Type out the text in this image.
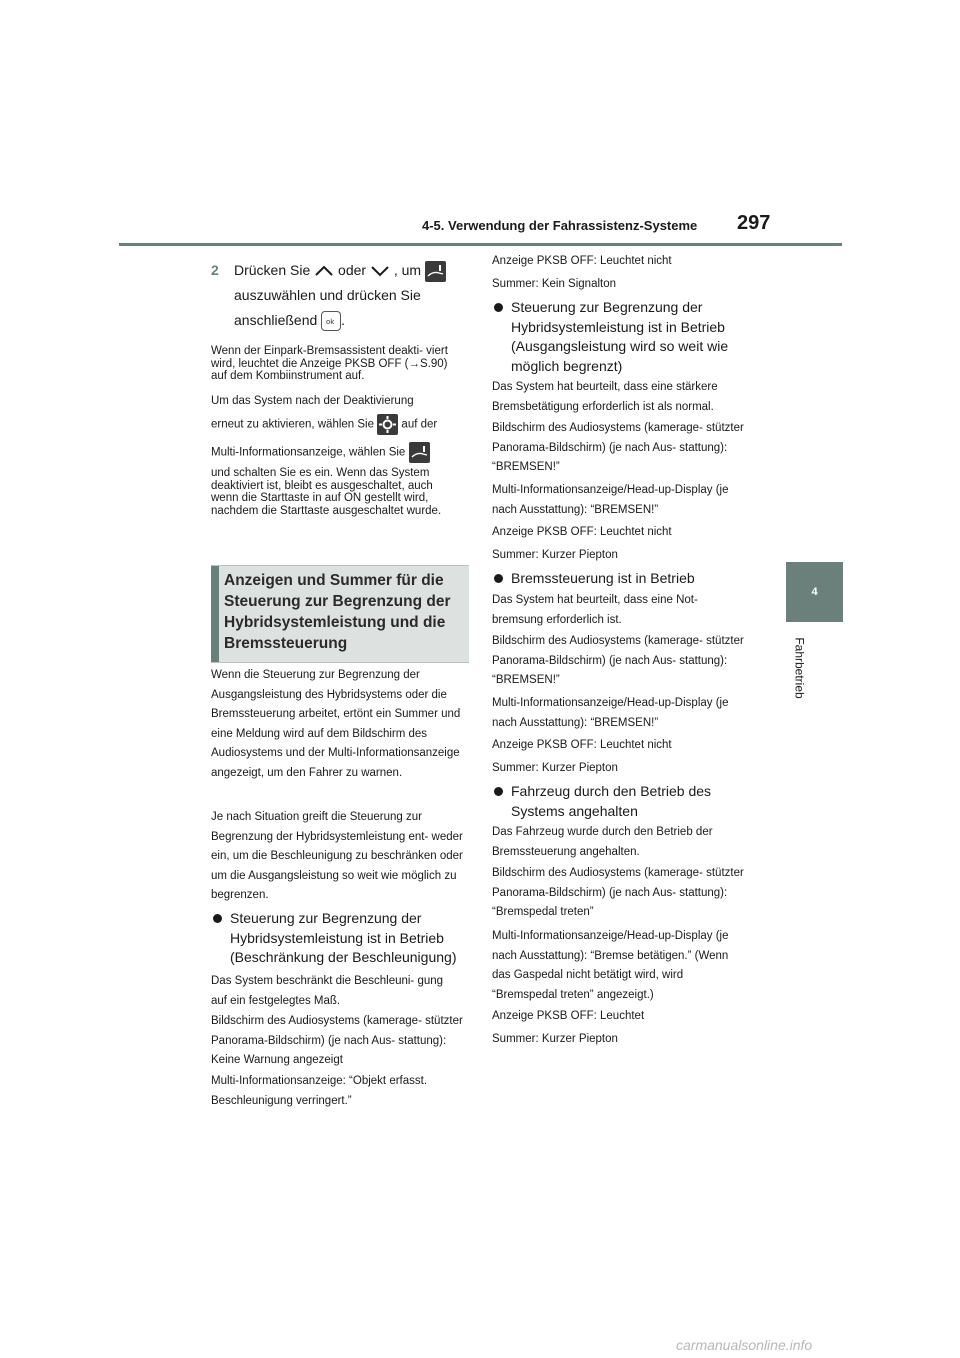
4-5. Verwendung der Fahrassistenz-Systeme 297
4
Fahrbetrieb
2 Drücken Sie oder , um
auszuwählen und drücken Sie
anschließend ok .

Wenn der Einpark-Bremsassistent deakti- viert wird, leuchtet die Anzeige PKSB OFF (→S.90) auf dem Kombiinstrument auf.

Um das System nach der Deaktivierung

erneut zu aktivieren, wählen Sie auf der

Multi-Informationsanzeige, wählen Sie

und schalten Sie es ein. Wenn das System deaktiviert ist, bleibt es ausgeschaltet, auch wenn die Starttaste in auf ON gestellt wird, nachdem die Starttaste ausgeschaltet wurde.

Wenn die Steuerung zur Begrenzung der Ausgangsleistung des Hybridsystems oder die Bremssteuerung arbeitet, ertönt ein Summer und eine Meldung wird auf dem Bildschirm des Audiosystems und der Multi-Informationsanzeige angezeigt, um den Fahrer zu warnen.

Je nach Situation greift die Steuerung zur Begrenzung der Hybridsystemleistung ent- weder ein, um die Beschleunigung zu beschränken oder um die Ausgangsleistung so weit wie möglich zu begrenzen.

Steuerung zur Begrenzung der Hybridsystemleistung ist in Betrieb (Beschränkung der Beschleunigung)

Das System beschränkt die Beschleuni- gung auf ein festgelegtes Maß.

Bildschirm des Audiosystems (kamerage- stützter Panorama-Bildschirm) (je nach Aus- stattung): Keine Warnung angezeigt

Multi-Informationsanzeige: “Objekt erfasst. Beschleunigung verringert.”

Anzeigen und Summer für die Steuerung zur Begrenzung der Hybridsystemleistung und die Bremssteuerung

Anzeige PKSB OFF: Leuchtet nicht

Summer: Kein Signalton

Steuerung zur Begrenzung der Hybridsystemleistung ist in Betrieb (Ausgangsleistung wird so weit wie möglich begrenzt)

Das System hat beurteilt, dass eine stärkere Bremsbetätigung erforderlich ist als normal.

Bildschirm des Audiosystems (kamerage- stützter Panorama-Bildschirm) (je nach Aus- stattung): “BREMSEN!”

Multi-Informationsanzeige/Head-up-Display (je nach Ausstattung): “BREMSEN!”

Anzeige PKSB OFF: Leuchtet nicht

Summer: Kurzer Piepton

Bremssteuerung ist in Betrieb

Das System hat beurteilt, dass eine Not- bremsung erforderlich ist.

Bildschirm des Audiosystems (kamerage- stützter Panorama-Bildschirm) (je nach Aus- stattung): “BREMSEN!”

Multi-Informationsanzeige/Head-up-Display (je nach Ausstattung): “BREMSEN!”

Anzeige PKSB OFF: Leuchtet nicht

Summer: Kurzer Piepton

Fahrzeug durch den Betrieb des Systems angehalten

Das Fahrzeug wurde durch den Betrieb der Bremssteuerung angehalten.

Bildschirm des Audiosystems (kamerage- stützter Panorama-Bildschirm) (je nach Aus- stattung): “Bremspedal treten”

Multi-Informationsanzeige/Head-up-Display (je nach Ausstattung): “Bremse betätigen.” (Wenn das Gaspedal nicht betätigt wird, wird “Bremspedal treten” angezeigt.)

Anzeige PKSB OFF: Leuchtet

Summer: Kurzer Piepton

carmanualsonline.info
